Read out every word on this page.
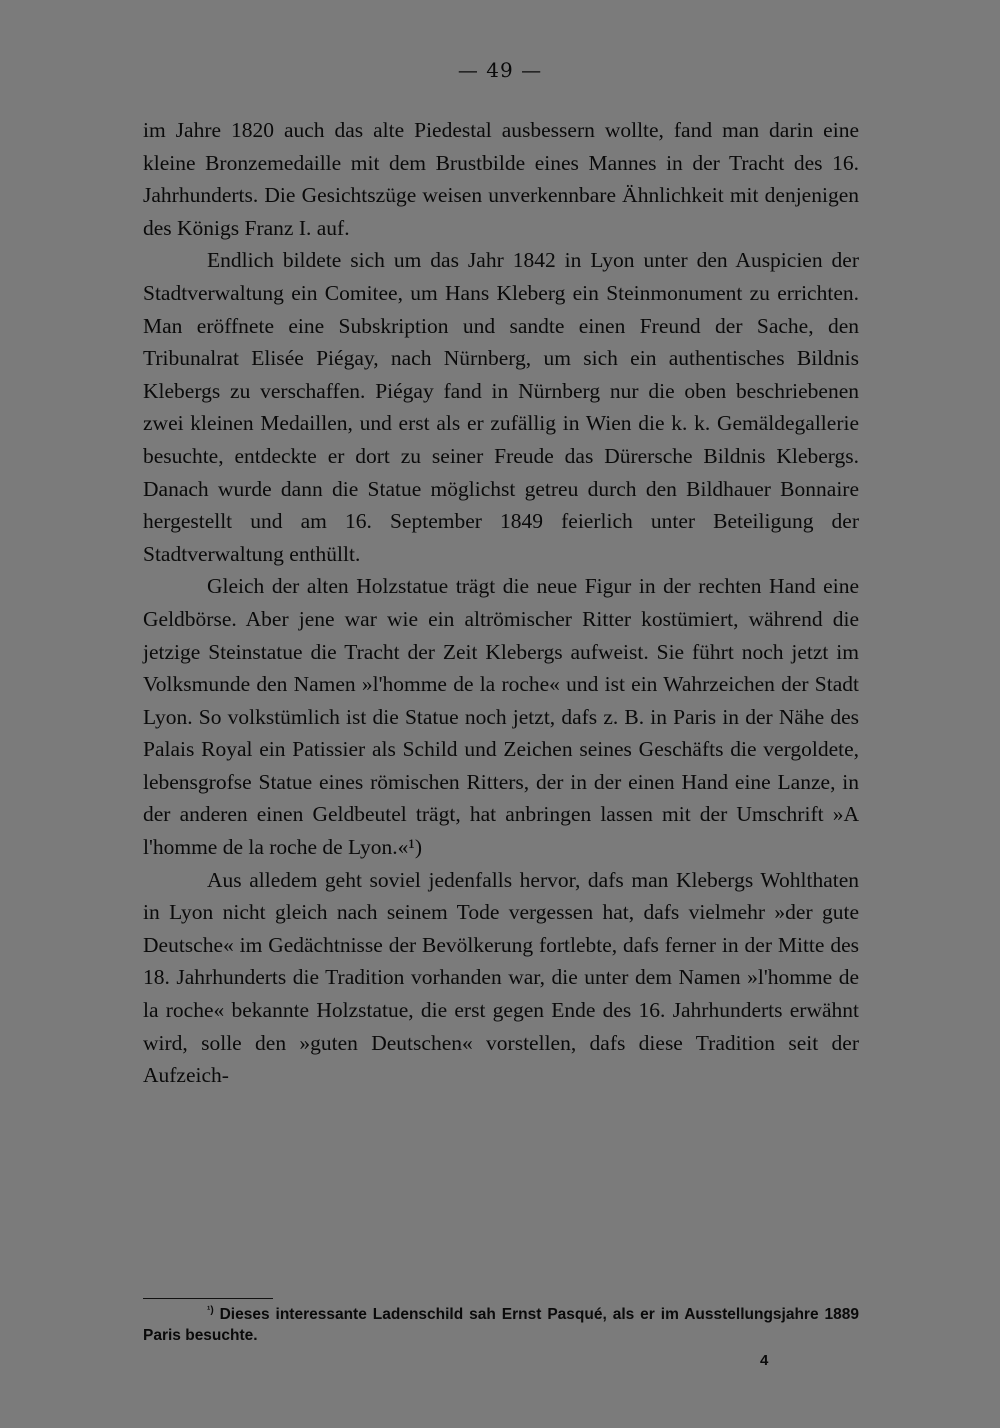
— 49 —

im Jahre 1820 auch das alte Piedestal ausbessern wollte, fand man darin eine kleine Bronzemedaille mit dem Brustbilde eines Mannes in der Tracht des 16. Jahrhunderts. Die Gesichtszüge weisen unverkennbare Ähnlichkeit mit denjenigen des Königs Franz I. auf.

Endlich bildete sich um das Jahr 1842 in Lyon unter den Auspicien der Stadtverwaltung ein Comitee, um Hans Kleberg ein Steinmonument zu errichten. Man eröffnete eine Subskription und sandte einen Freund der Sache, den Tribunalrat Elisée Piégay, nach Nürnberg, um sich ein authentisches Bildnis Klebergs zu verschaffen. Piégay fand in Nürnberg nur die oben beschriebenen zwei kleinen Medaillen, und erst als er zufällig in Wien die k. k. Gemäldegallerie besuchte, entdeckte er dort zu seiner Freude das Dürersche Bildnis Klebergs. Danach wurde dann die Statue möglichst getreu durch den Bildhauer Bonnaire hergestellt und am 16. September 1849 feierlich unter Beteiligung der Stadtverwaltung enthüllt.

Gleich der alten Holzstatue trägt die neue Figur in der rechten Hand eine Geldbörse. Aber jene war wie ein altrömischer Ritter kostümiert, während die jetzige Steinstatue die Tracht der Zeit Klebergs aufweist. Sie führt noch jetzt im Volksmunde den Namen »l'homme de la roche« und ist ein Wahrzeichen der Stadt Lyon. So volkstümlich ist die Statue noch jetzt, dafs z. B. in Paris in der Nähe des Palais Royal ein Patissier als Schild und Zeichen seines Geschäfts die vergoldete, lebensgrofse Statue eines römischen Ritters, der in der einen Hand eine Lanze, in der anderen einen Geldbeutel trägt, hat anbringen lassen mit der Umschrift »A l'homme de la roche de Lyon.«¹)

Aus alledem geht soviel jedenfalls hervor, dafs man Klebergs Wohlthaten in Lyon nicht gleich nach seinem Tode vergessen hat, dafs vielmehr »der gute Deutsche« im Gedächtnisse der Bevölkerung fortlebte, dafs ferner in der Mitte des 18. Jahrhunderts die Tradition vorhanden war, die unter dem Namen »l'homme de la roche« bekannte Holzstatue, die erst gegen Ende des 16. Jahrhunderts erwähnt wird, solle den »guten Deutschen« vorstellen, dafs diese Tradition seit der Aufzeich-

$^{^1)}$ Dieses interessante Ladenschild sah Ernst Pasqué, als er im Ausstellungsjahre 1889 Paris besuchte.
4
